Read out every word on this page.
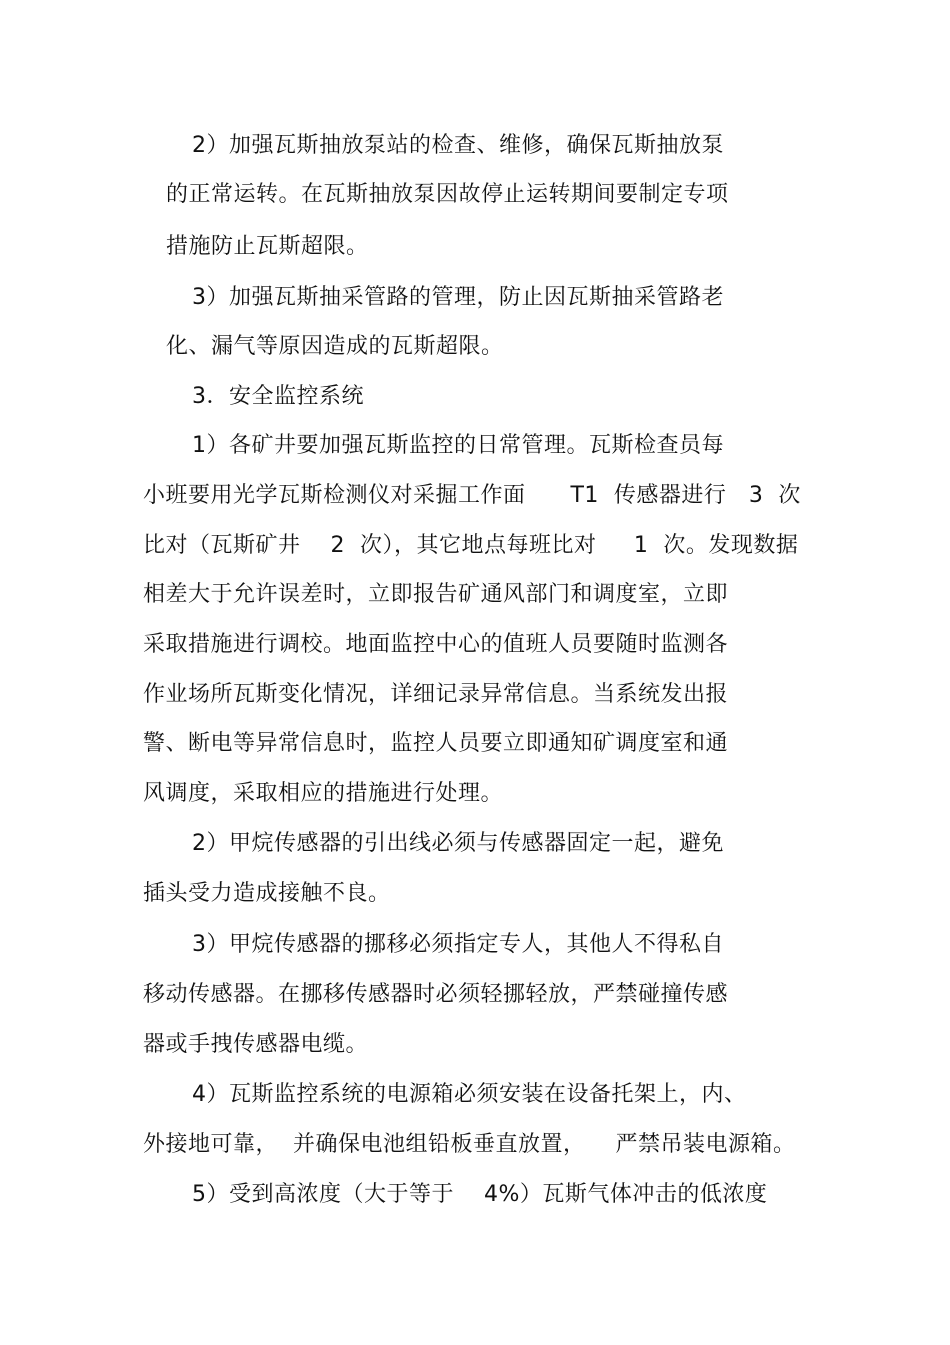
2）加强瓦斯抽放泵站的检查、维修，确保瓦斯抽放泵
的正常运转。在瓦斯抽放泵因故停止运转期间要制定专项
措施防止瓦斯超限。
3）加强瓦斯抽采管路的管理，防止因瓦斯抽采管路老
化、漏气等原因造成的瓦斯超限。
3．安全监控系统
1）各矿井要加强瓦斯监控的日常管理。瓦斯检查员每
小班要用光学瓦斯检测仪对采掘工作面      T1  传感器进行   3  次
比对（瓦斯矿井    2  次），其它地点每班比对     1  次。发现数据
相差大于允许误差时，立即报告矿通风部门和调度室，立即
采取措施进行调校。地面监控中心的值班人员要随时监测各
作业场所瓦斯变化情况，详细记录异常信息。当系统发出报
警、断电等异常信息时，监控人员要立即通知矿调度室和通
风调度，采取相应的措施进行处理。
2）甲烷传感器的引出线必须与传感器固定一起，避免
插头受力造成接触不良。
3）甲烷传感器的挪移必须指定专人，其他人不得私自
移动传感器。在挪移传感器时必须轻挪轻放，严禁碰撞传感
器或手拽传感器电缆。
4）瓦斯监控系统的电源箱必须安装在设备托架上，内、
外接地可靠，  并确保电池组铅板垂直放置，    严禁吊装电源箱。
5）受到高浓度（大于等于    4%）瓦斯气体冲击的低浓度
